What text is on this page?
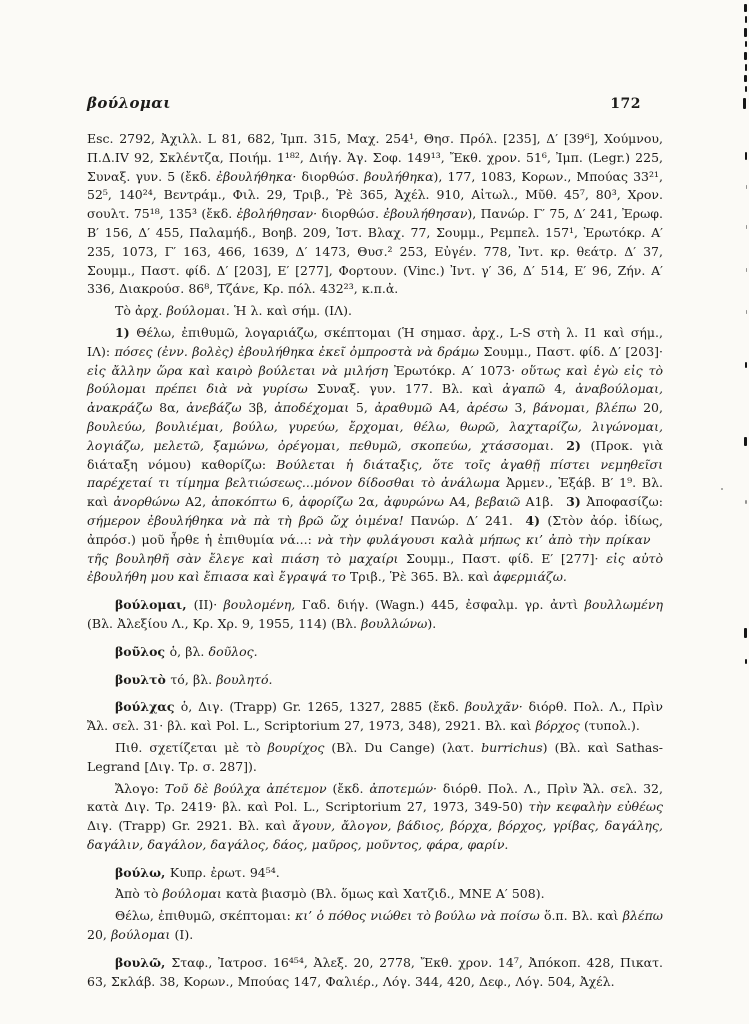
βούλομαι	172

Esc. 2792, Ἀχιλλ. L 81, 682, Ἰμπ. 315, Μαχ. 254¹, Θησ. Πρόλ. [235], Δ′ [39⁶], Χούμνου, Π.Δ.IV 92, Σκλέντζα, Ποιήμ. 1¹⁸², Διήγ. Ἁγ. Σοφ. 149¹³, Ἔκθ. χρον. 51⁶, Ἰμπ. (Legr.) 225, Συναξ. γυν. 5 (ἔκδ. ἐβουλήθηκα· διορθώσ. βουλήθηκα), 177, 1083, Κορων., Μπούας 33²¹, 52⁵, 140²⁴, Βεντράμ., Φιλ. 29, Τριβ., Ῥὲ 365, Ἀχέλ. 910, Αἰτωλ., Μῦθ. 45⁷, 80³, Χρον. σουλτ. 75¹⁸, 135³ (ἔκδ. ἐβολήθησαν· διορθώσ. ἐβουλήθησαν), Πανώρ. Γ′ 75, Δ′ 241, Ἐρωφ. Β′ 156, Δ′ 455, Παλαμήδ., Βοηβ. 209, Ἱστ. Βλαχ. 77, Σουμμ., Ρεμπελ. 157¹, Ἐρωτόκρ. Α′ 235, 1073, Γ′ 163, 466, 1639, Δ′ 1473, Θυσ.² 253, Εὐγέν. 778, Ἰντ. κρ. θεάτρ. Δ′ 37, Σουμμ., Παστ. φίδ. Δ′ [203], Ε′ [277], Φορτουν. (Vinc.) Ἰντ. γ′ 36, Δ′ 514, Ε′ 96, Ζήν. Α′ 336, Διακρούσ. 86⁸, Τζάνε, Κρ. πόλ. 432²³, κ.π.ἀ.

Τὸ ἀρχ. βούλομαι. Ἡ λ. καὶ σήμ. (ΙΛ).

1) Θέλω, ἐπιθυμῶ, λογαριάζω, σκέπτομαι (Ἡ σημασ. ἀρχ., L-S στὴ λ. Ι1 καὶ σήμ., ΙΛ): πόσες (ἐνν. βολὲς) ἐβουλήθηκα ἐκεῖ ὀμπροστὰ νὰ δράμω Σουμμ., Παστ. φίδ. Δ′ [203]· εἰς ἄλλην ὥρα καὶ καιρὸ βούλεται νὰ μιλήση Ἐρωτόκρ. Α′ 1073· οὕτως καὶ ἐγὼ εἰς τὸ βούλομαι πρέπει διὰ νὰ γυρίσω Συναξ. γυν. 177. Βλ. καὶ ἀγαπῶ 4, ἀναβούλομαι, ἀνακράζω 8α, ἀνεβάζω 3β, ἀποδέχομαι 5, ἀραθυμῶ Α4, ἀρέσω 3, βάνομαι, βλέπω 20, βουλεύω, βουλιέμαι, βούλω, γυρεύω, ἔρχομαι, θέλω, θωρῶ, λαχταρίζω, λιγώνομαι, λογιάζω, μελετῶ, ξαμώνω, ὀρέγομαι, πεθυμῶ, σκοπεύω, χτάσσομαι.  2) (Προκ. γιὰ διάταξη νόμου) καθορίζω: Βούλεται ἡ διάταξις, ὅτε τοῖς ἀγαθῇ πίστει νεμηθεῖσι παρέχεταί τι τίμημα βελτιώσεως...μόνον δίδοσθαι τὸ ἀνάλωμα Ἀρμεν., Ἑξάβ. Β′ 1⁹. Βλ. καὶ ἀνορθώνω Α2, ἀποκόπτω 6, ἀφορίζω 2α, ἀφυρώνω Α4, βεβαιῶ Α1β.  3) Ἀποφασίζω: σήμερον ἐβουλήθηκα νὰ πὰ τὴ βρῶ ὤχ ὀιμένα! Πανώρ. Δ′ 241.  4) (Στὸν ἀόρ. ἰδίως, ἀπρόσ.) μοῦ ἦρθε ἡ ἐπιθυμία νά...: νὰ τὴν φυλάγουσι καλὰ μήπως κι’ ἀπὸ τὴν πρίκαν τῆς βουληθῆ σὰν ἔλεγε καὶ πιάση τὸ μαχαίρι Σουμμ., Παστ. φίδ. Ε′ [277]· εἰς αὐτὸ ἐβουλήθη μου καὶ ἔπιασα καὶ ἔγραψά το Τριβ., Ῥὲ 365. Βλ. καὶ ἀφερμιάζω.

βούλομαι, (ΙΙ)· βουλομένη, Γαδ. διήγ. (Wagn.) 445, ἐσφαλμ. γρ. ἀντὶ βουλλωμένη (Βλ. Ἀλεξίου Λ., Κρ. Χρ. 9, 1955, 114) (Βλ. βουλλώνω).

βοῦλος ὁ, βλ. δοῦλος.

βουλτὸ τό, βλ. βουλητό.

βούλχας ὁ, Διγ. (Trapp) Gr. 1265, 1327, 2885 (ἔκδ. βουλχᾶν· διόρθ. Πολ. Λ., Πρὶν Ἄλ. σελ. 31· βλ. καὶ Pol. L., Scriptorium 27, 1973, 348), 2921. Βλ. καὶ βόρχος (τυπολ.).

Πιθ. σχετίζεται μὲ τὸ βουρίχος (Βλ. Du Cange) (λατ. burrichus) (Βλ. καὶ Sathas-Legrand [Διγ. Τρ. σ. 287]).

Ἄλογο: Τοῦ δὲ βούλχα ἀπέτεμον (ἔκδ. ἀποτεμών· διόρθ. Πολ. Λ., Πρὶν Ἄλ. σελ. 32, κατὰ Διγ. Τρ. 2419· βλ. καὶ Pol. L., Scriptorium 27, 1973, 349-50) τὴν κεφαλὴν εὐθέως Διγ. (Trapp) Gr. 2921. Βλ. καὶ ἄγουν, ἄλογον, βάδιος, βόρχα, βόρχος, γρίβας, δαγάλης, δαγάλιν, δαγάλον, δαγάλος, δάος, μαῦρος, μοῦντος, φάρα, φαρίν.

βούλω, Κυπρ. ἐρωτ. 94⁵⁴.

Ἀπὸ τὸ βούλομαι κατὰ βιασμὸ (Βλ. ὅμως καὶ Χατζιδ., ΜΝΕ Α′ 508).

Θέλω, ἐπιθυμῶ, σκέπτομαι: κι’ ὁ πόθος νιώθει τὸ βούλω νὰ ποίσω ὅ.π. Βλ. καὶ βλέπω 20, βούλομαι (Ι).

βουλῶ, Σταφ., Ἰατροσ. 16⁴⁵⁴, Ἀλεξ. 20, 2778, Ἔκθ. χρον. 14⁷, Ἀπόκοπ. 428, Πικατ. 63, Σκλάβ. 38, Κορων., Μπούας 147, Φαλιέρ., Λόγ. 344, 420, Δεφ., Λόγ. 504, Ἀχέλ.
